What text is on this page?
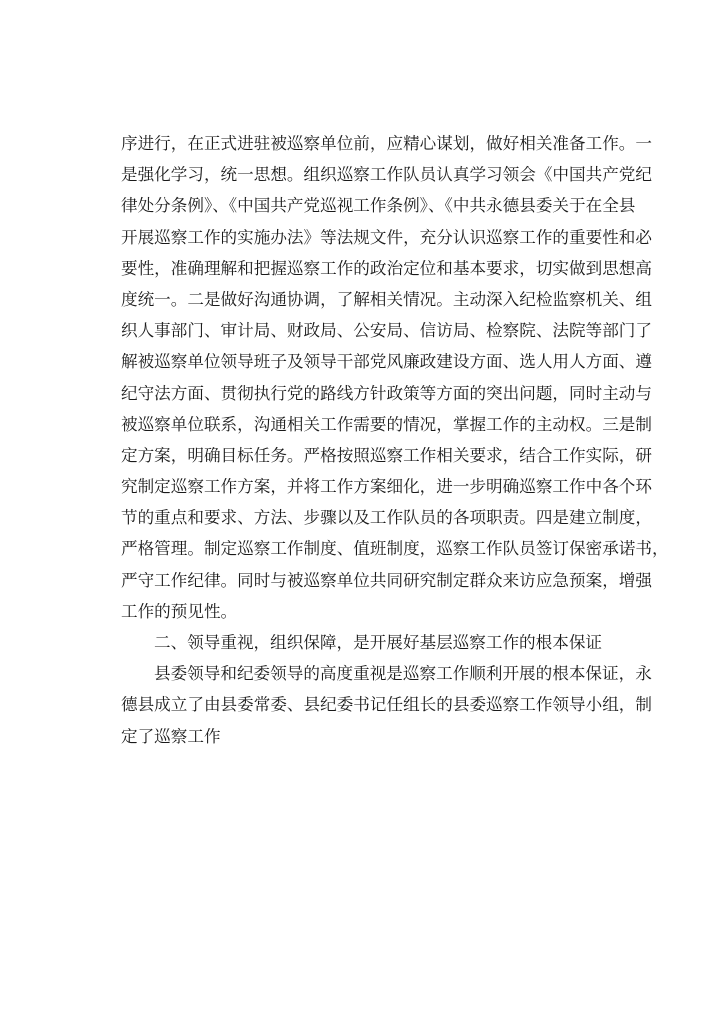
序进行，在正式进驻被巡察单位前，应精心谋划，做好相关准备工作。一
是强化学习，统一思想。组织巡察工作队员认真学习领会《中国共产党纪
律处分条例》、《中国共产党巡视工作条例》、《中共永德县委关于在全县
开展巡察工作的实施办法》等法规文件，充分认识巡察工作的重要性和必
要性，准确理解和把握巡察工作的政治定位和基本要求，切实做到思想高
度统一。二是做好沟通协调，了解相关情况。主动深入纪检监察机关、组
织人事部门、审计局、财政局、公安局、信访局、检察院、法院等部门了
解被巡察单位领导班子及领导干部党风廉政建设方面、选人用人方面、遵
纪守法方面、贯彻执行党的路线方针政策等方面的突出问题，同时主动与
被巡察单位联系，沟通相关工作需要的情况，掌握工作的主动权。三是制
定方案，明确目标任务。严格按照巡察工作相关要求，结合工作实际，研
究制定巡察工作方案，并将工作方案细化，进一步明确巡察工作中各个环
节的重点和要求、方法、步骤以及工作队员的各项职责。四是建立制度，
严格管理。制定巡察工作制度、值班制度，巡察工作队员签订保密承诺书，
严守工作纪律。同时与被巡察单位共同研究制定群众来访应急预案，增强
工作的预见性。
二、领导重视，组织保障，是开展好基层巡察工作的根本保证
县委领导和纪委领导的高度重视是巡察工作顺利开展的根本保证，永
德县成立了由县委常委、县纪委书记任组长的县委巡察工作领导小组，制
定了巡察工作
